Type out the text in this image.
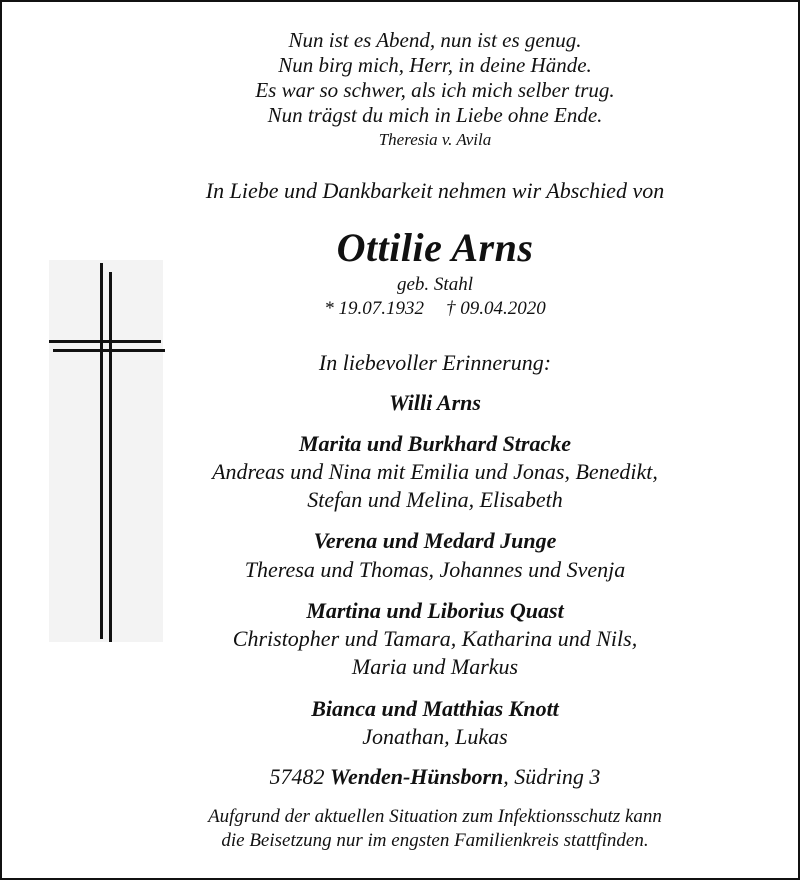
Nun ist es Abend, nun ist es genug.
Nun birg mich, Herr, in deine Hände.
Es war so schwer, als ich mich selber trug.
Nun trägst du mich in Liebe ohne Ende.
Theresia v. Avila
In Liebe und Dankbarkeit nehmen wir Abschied von
Ottilie Arns
geb. Stahl
* 19.07.1932 † 09.04.2020
In liebevoller Erinnerung:
Willi Arns
Marita und Burkhard Stracke
Andreas und Nina mit Emilia und Jonas, Benedikt,
Stefan und Melina, Elisabeth
Verena und Medard Junge
Theresa und Thomas, Johannes und Svenja
Martina und Liborius Quast
Christopher und Tamara, Katharina und Nils,
Maria und Markus
Bianca und Matthias Knott
Jonathan, Lukas
57482 Wenden-Hünsborn, Südring 3
Aufgrund der aktuellen Situation zum Infektionsschutz kann
die Beisetzung nur im engsten Familienkreis stattfinden.
